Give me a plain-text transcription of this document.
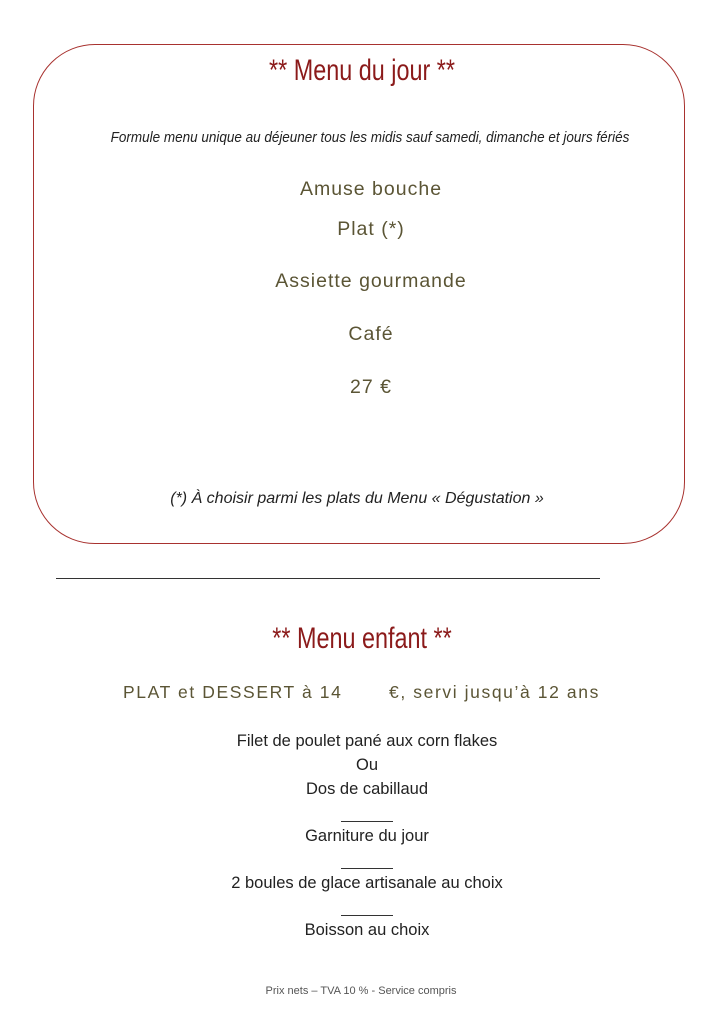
** Menu du jour **
Formule menu unique au déjeuner tous les midis sauf samedi, dimanche et jours fériés
Amuse bouche
Plat (*)
Assiette gourmande
Café
27 €
(*) À choisir parmi les plats du Menu « Dégustation »
** Menu enfant **
PLAT et DESSERT à 14	€, servi jusqu’à 12 ans
Filet de poulet pané aux corn flakes
Ou
Dos de cabillaud
Garniture du jour
2 boules de glace artisanale au choix
Boisson au choix
Prix nets – TVA 10 % - Service compris
